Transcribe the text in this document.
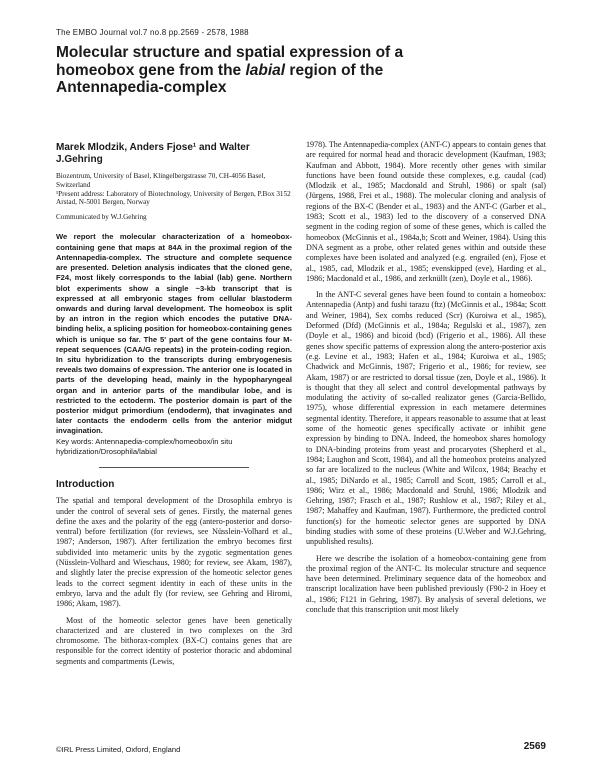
The EMBO Journal vol.7 no.8 pp.2569 - 2578, 1988
Molecular structure and spatial expression of a homeobox gene from the labial region of the Antennapedia-complex
Marek Mlodzik, Anders Fjose¹ and Walter J.Gehring

Biozentrum, University of Basel, Klingelbergstrasse 70, CH-4056 Basel, Switzerland
¹Present address: Laboratory of Biotechnology, University of Bergen, P.Box 3152 Arstad, N-5001 Bergen, Norway

Communicated by W.J.Gehring

We report the molecular characterization of a homeobox-containing gene that maps at 84A in the proximal region of the Antennapedia-complex. The structure and complete sequence are presented. Deletion analysis indicates that the cloned gene, F24, most likely corresponds to the labial (lab) gene. Northern blot experiments show a single ~3-kb transcript that is expressed at all embryonic stages from cellular blastoderm onwards and during larval development. The homeobox is split by an intron in the region which encodes the putative DNA-binding helix, a splicing position for homeobox-containing genes which is unique so far. The 5' part of the gene contains four M-repeat sequences (CAA/G repeats) in the protein-coding region. In situ hybridization to the transcripts during embryogenesis reveals two domains of expression. The anterior one is located in parts of the developing head, mainly in the hypopharyngeal organ and in anterior parts of the mandibular lobe, and is restricted to the ectoderm. The posterior domain is part of the posterior midgut primordium (endoderm), that invaginates and later contacts the endoderm cells from the anterior midgut invagination.

Key words: Antennapedia-complex/homeobox/in situ hybridization/Drosophila/labial

Introduction

The spatial and temporal development of the Drosophila embryo is under the control of several sets of genes. Firstly, the maternal genes define the axes and the polarity of the egg (antero-posterior and dorso-ventral) before fertilization (for reviews, see Nüsslein-Volhard et al., 1987; Anderson, 1987). After fertilization the embryo becomes first subdivided into metameric units by the zygotic segmentation genes (Nüsslein-Volhard and Wieschaus, 1980; for review, see Akam, 1987), and slightly later the precise expression of the homeotic selector genes leads to the correct segment identity in each of these units in the embryo, larva and the adult fly (for review, see Gehring and Hiromi, 1986; Akam, 1987).

Most of the homeotic selector genes have been genetically characterized and are clustered in two complexes on the 3rd chromosome. The bithorax-complex (BX-C) contains genes that are responsible for the correct identity of posterior thoracic and abdominal segments and compartments (Lewis,

1978). The Antennapedia-complex (ANT-C) appears to contain genes that are required for normal head and thoracic development (Kaufman, 1983; Kaufman and Abbott, 1984). More recently other genes with similar functions have been found outside these complexes, e.g. caudal (cad) (Mlodzik et al., 1985; Macdonald and Struhl, 1986) or spalt (sal) (Jürgens, 1988, Frei et al., 1988). The molecular cloning and analysis of regions of the BX-C (Bender et al., 1983) and the ANT-C (Garber et al., 1983; Scott et al., 1983) led to the discovery of a conserved DNA segment in the coding region of some of these genes, which is called the homeobox (McGinnis et al., 1984a,b; Scott and Weiner, 1984). Using this DNA segment as a probe, other related genes within and outside these complexes have been isolated and analyzed (e.g. engrailed (en), Fjose et al., 1985, cad, Mlodzik et al., 1985; evenskipped (eve), Harding et al., 1986; Macdonald et al., 1986, and zerknüllt (zen), Doyle et al., 1986).

In the ANT-C several genes have been found to contain a homeobox: Antennapedia (Antp) and fushi tarazu (ftz) (McGinnis et al., 1984a; Scott and Weiner, 1984), Sex combs reduced (Scr) (Kuroiwa et al., 1985), Deformed (Dfd) (McGinnis et al., 1984a; Regulski et al., 1987), zen (Doyle et al., 1986) and bicoid (bcd) (Frigerio et al., 1986). All these genes show specific patterns of expression along the antero-posterior axis (e.g. Levine et al., 1983; Hafen et al., 1984; Kuroiwa et al., 1985; Chadwick and McGinnis, 1987; Frigerio et al., 1986; for review, see Akam, 1987) or are restricted to dorsal tissue (zen, Doyle et al., 1986). It is thought that they all select and control developmental pathways by modulating the activity of so-called realizator genes (Garcia-Bellido, 1975), whose differential expression in each metamere determines segmental identity. Therefore, it appears reasonable to assume that at least some of the homeotic genes specifically activate or inhibit gene expression by binding to DNA. Indeed, the homeobox shares homology to DNA-binding proteins from yeast and procaryotes (Shepherd et al., 1984; Laughon and Scott, 1984), and all the homeobox proteins analyzed so far are localized to the nucleus (White and Wilcox, 1984; Beachy et al., 1985; DiNardo et al., 1985; Carroll and Scott, 1985; Carroll et al., 1986; Wirz et al., 1986; Macdonald and Struhl, 1986; Mlodzik and Gehring, 1987; Frasch et al., 1987; Rushlow et al., 1987; Riley et al., 1987; Mahaffey and Kaufman, 1987). Furthermore, the predicted control function(s) for the homeotic selector genes are supported by DNA binding studies with some of these proteins (U.Weber and W.J.Gehring, unpublished results).

Here we describe the isolation of a homeobox-containing gene from the proximal region of the ANT-C. Its molecular structure and sequence have been determined. Preliminary sequence data of the homeobox and transcript localization have been published previously (F90-2 in Hoey et al., 1986; F121 in Gehring, 1987). By analysis of several deletions, we conclude that this transcription unit most likely

©IRL Press Limited, Oxford, England	2569
